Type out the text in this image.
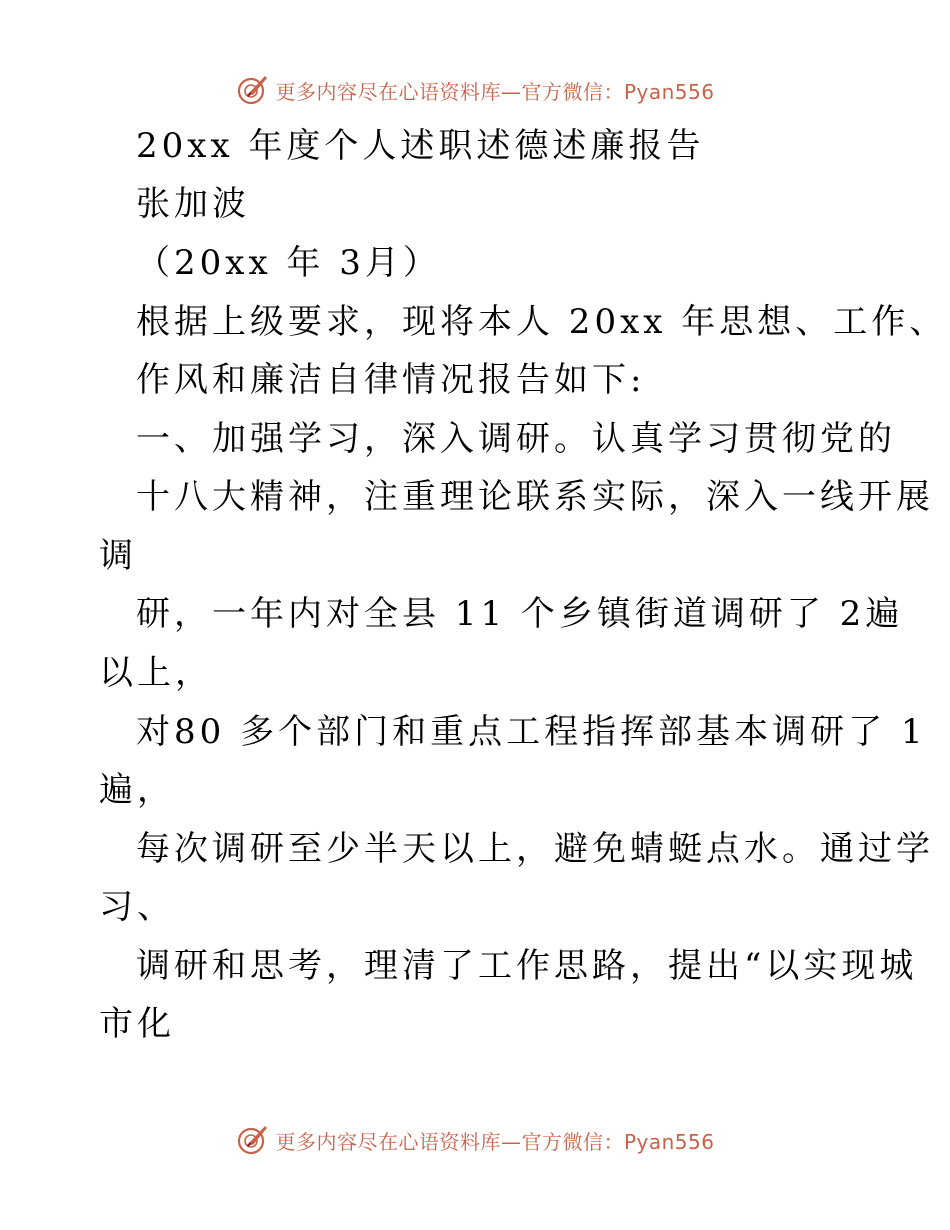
更多内容尽在心语资料库—官方微信：Pyan556
20xx 年度个人述职述德述廉报告
张加波
（20xx 年 3月）
根据上级要求，现将本人 20xx 年思想、工作、
作风和廉洁自律情况报告如下:
一、加强学习，深入调研。认真学习贯彻党的
十八大精神，注重理论联系实际，深入一线开展
调
研，一年内对全县 11 个乡镇街道调研了 2遍
以上，
对80 多个部门和重点工程指挥部基本调研了 1
遍，
每次调研至少半天以上，避免蜻蜓点水。通过学
习、
调研和思考，理清了工作思路，提出“以实现城
市化
更多内容尽在心语资料库—官方微信：Pyan556
